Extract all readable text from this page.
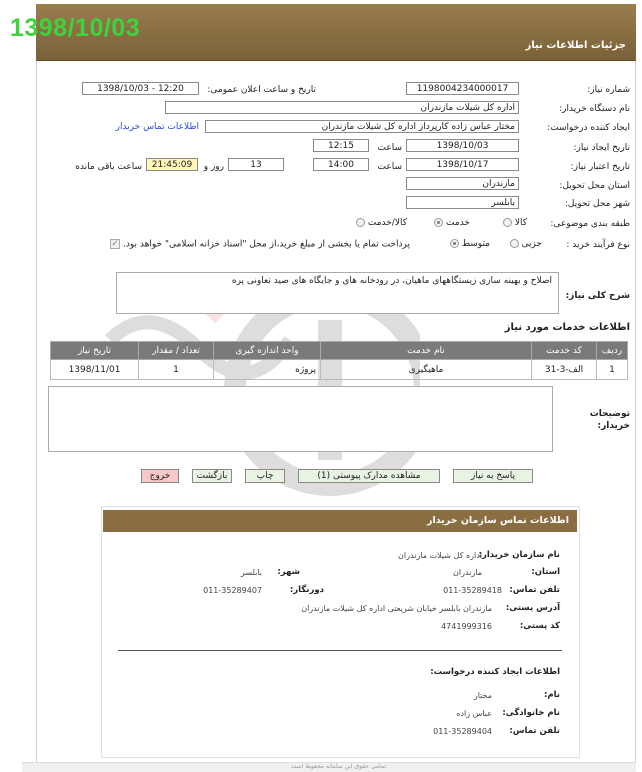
جزئیات اطلاعات نیاز
1398/10/03
شماره نیاز:
1198004234000017
تاریخ و ساعت اعلان عمومی:
1398/10/03 - 12:20
نام دستگاه خریدار:
اداره کل شیلات مازندران
ایجاد کننده درخواست:
مختار عباس زاده کارپرداز اداره کل شیلات مازندران
اطلاعات تماس خریدار
تاریخ ایجاد نیاز:
1398/10/03
ساعت
12:15
تاریخ اعتبار نیاز:
1398/10/17
ساعت
14:00
13
روز و
21:45:09
ساعت باقی مانده
استان محل تحویل:
مازندران
شهر محل تحویل:
بابلسر
طبقه بندی موضوعی:
کالا
خدمت
کالا/خدمت
نوع فرآیند خرید :
جزیی
متوسط
پرداخت تمام یا بخشی از مبلغ خرید،از محل "اسناد خزانه اسلامی" خواهد بود. ✓
شرح کلی نیاز:
اصلاح و بهینه سازی زیستگاههای ماهیان، در رودخانه های و جایگاه های صید تعاونی پره
اطلاعات خدمات مورد نیاز
ردیف	کد خدمت	نام خدمت	واحد اندازه گیری	تعداد / مقدار	تاریخ نیاز
1	الف-3-31	ماهیگیری	پروژه	1	1398/11/01
توضیحات خریدار:
پاسخ به نیاز
مشاهده مدارک پیوستی (1)
چاپ
بازگشت
خروج
اطلاعات تماس سازمان خریدار
نام سازمان خریدار:
اداره کل شیلات مازندران
استان:
مازندران
شهر:
بابلسر
تلفن تماس:
011-35289418
دورنگار:
011-35289407
آدرس پستی:
مازندران بابلسر خیابان شریعتی اداره کل شیلات مازندران
کد پستی:
4741999316
اطلاعات ایجاد کننده درخواست:
نام:
مختار
نام خانوادگی:
عباس زاده
تلفن تماس:
011-35289404
تمامی حقوق این سامانه محفوظ است
